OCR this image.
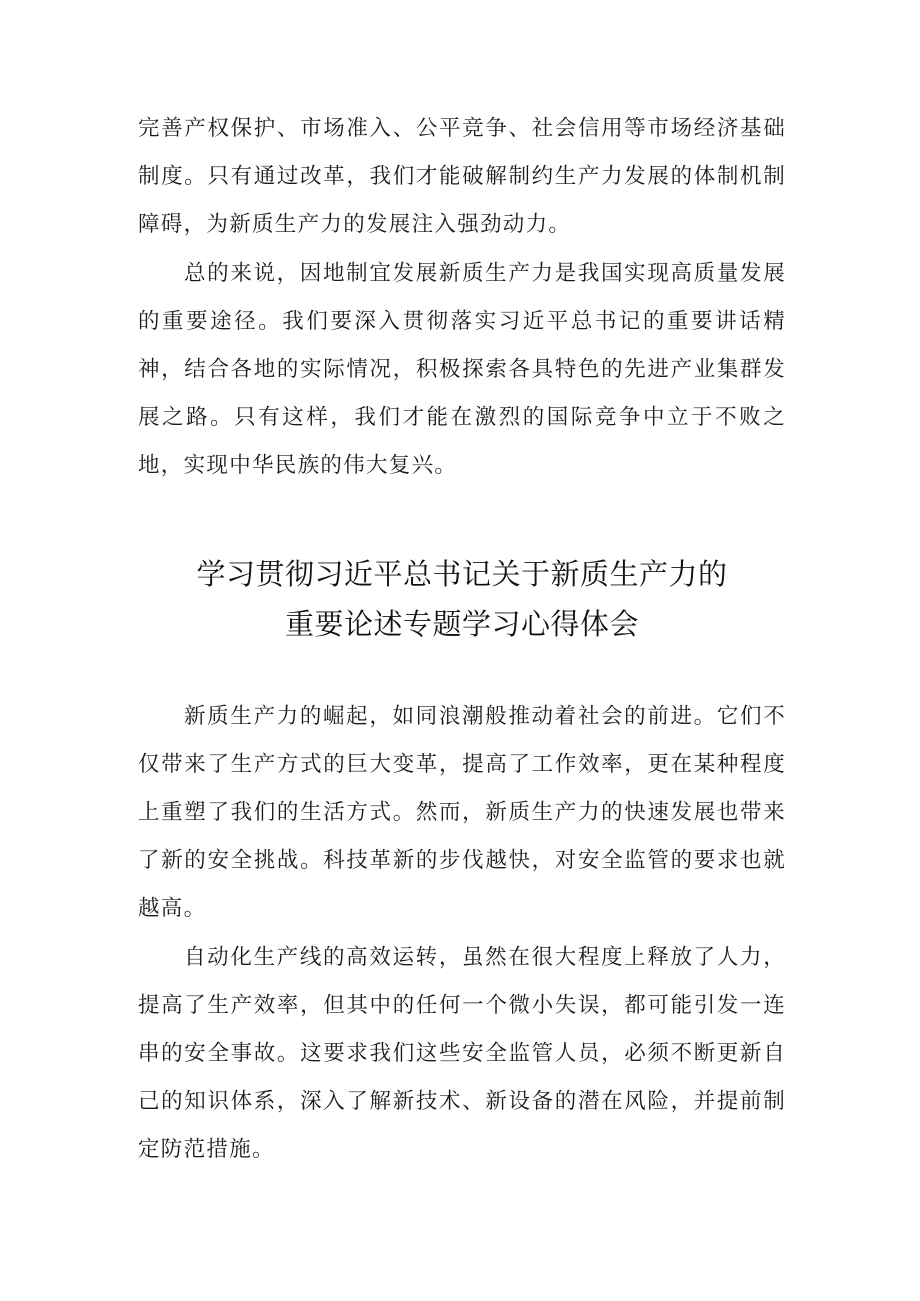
完善产权保护、市场准入、公平竞争、社会信用等市场经济基础制度。只有通过改革，我们才能破解制约生产力发展的体制机制障碍，为新质生产力的发展注入强劲动力。

总的来说，因地制宜发展新质生产力是我国实现高质量发展的重要途径。我们要深入贯彻落实习近平总书记的重要讲话精神，结合各地的实际情况，积极探索各具特色的先进产业集群发展之路。只有这样，我们才能在激烈的国际竞争中立于不败之地，实现中华民族的伟大复兴。

学习贯彻习近平总书记关于新质生产力的
重要论述专题学习心得体会

新质生产力的崛起，如同浪潮般推动着社会的前进。它们不仅带来了生产方式的巨大变革，提高了工作效率，更在某种程度上重塑了我们的生活方式。然而，新质生产力的快速发展也带来了新的安全挑战。科技革新的步伐越快，对安全监管的要求也就越高。

自动化生产线的高效运转，虽然在很大程度上释放了人力，提高了生产效率，但其中的任何一个微小失误，都可能引发一连串的安全事故。这要求我们这些安全监管人员，必须不断更新自己的知识体系，深入了解新技术、新设备的潜在风险，并提前制定防范措施。
